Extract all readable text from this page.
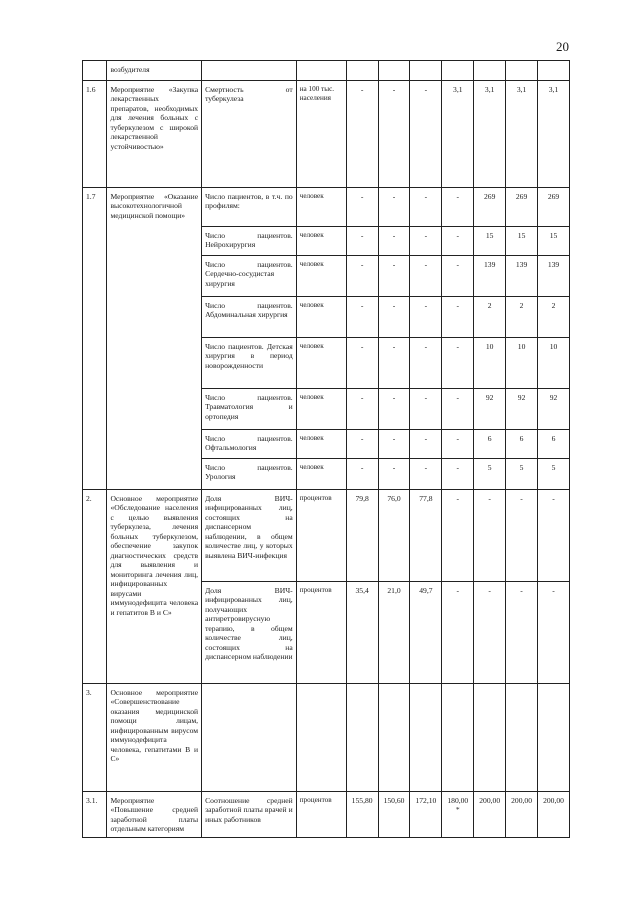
20
	возбудителя									
1.6	Мероприятие «Закупка лекарственных препаратов, необходимых для лечения больных с туберкулезом с широкой лекарственной устойчивостью»	Смертность от туберкулеза	на 100 тыс. населения	-	-	-	3,1	3,1	3,1	3,1
1.7	Мероприятие «Оказание высокотехнологичной медицинской помощи»	Число пациентов, в т.ч. по профилям:	человек	-	-	-	-	269	269	269
		Число пациентов. Нейрохирургия	человек	-	-	-	-	15	15	15
		Число пациентов. Сердечно-сосудистая хирургия	человек	-	-	-	-	139	139	139
		Число пациентов. Абдоминальная хирургия	человек	-	-	-	-	2	2	2
		Число пациентов. Детская хирургия в период новорожденности	человек	-	-	-	-	10	10	10
		Число пациентов. Травматология и ортопедия	человек	-	-	-	-	92	92	92
		Число пациентов. Офтальмология	человек	-	-	-	-	6	6	6
		Число пациентов. Урология	человек	-	-	-	-	5	5	5
2.	Основное мероприятие «Обследование населения с целью выявления туберкулеза, лечения больных туберкулезом, обеспечение закупок диагностических средств для выявления и мониторинга лечения лиц, инфицированных вирусами иммунодефицита человека и гепатитов В и С»	Доля ВИЧ-инфицированных лиц, состоящих на диспансерном наблюдении, в общем количестве лиц, у которых выявлена ВИЧ-инфекция	процентов	79,8	76,0	77,8	-	-	-	-
		Доля ВИЧ-инфицированных лиц, получающих антиретровирусную терапию, в общем количестве лиц, состоящих на диспансерном наблюдении	процентов	35,4	21,0	49,7	-	-	-	-
3.	Основное мероприятие «Совершенствование оказания медицинской помощи лицам, инфицированным вирусом иммунодефицита человека, гепатитами В и С»									
3.1.	Мероприятие «Повышение средней заработной платы отдельным категориям	Соотношение средней заработной платы врачей и иных работников	процентов	155,80	150,60	172,10	180,00 *	200,00	200,00	200,00
